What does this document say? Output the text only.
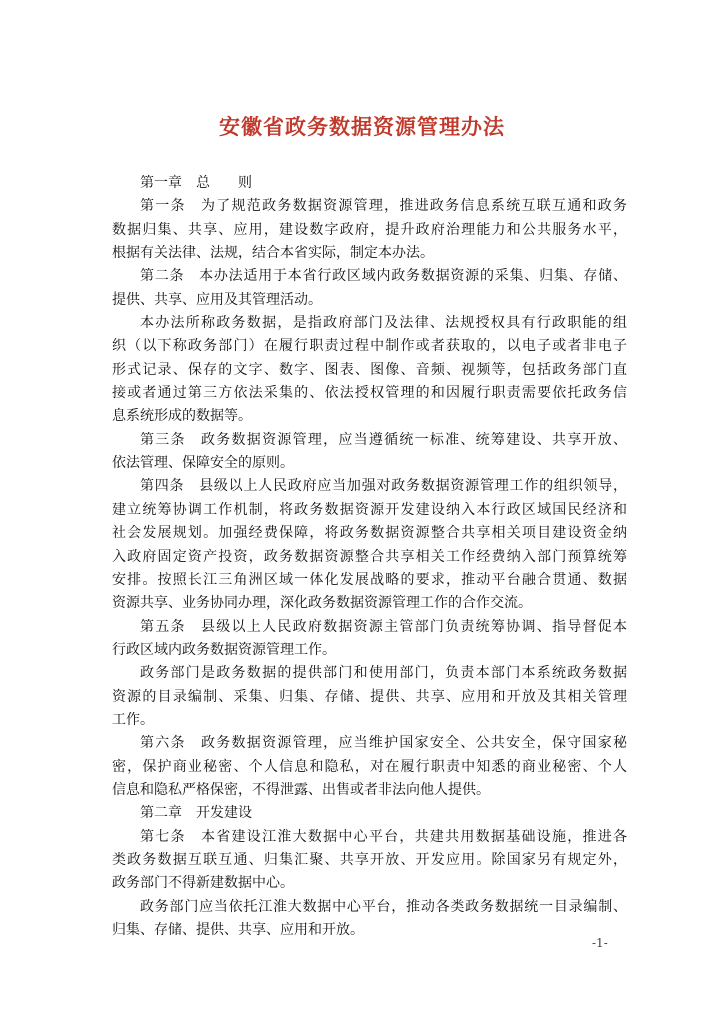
安徽省政务数据资源管理办法
第一章　总　　则
第一条　为了规范政务数据资源管理，推进政务信息系统互联互通和政务
数据归集、共享、应用，建设数字政府，提升政府治理能力和公共服务水平，
根据有关法律、法规，结合本省实际，制定本办法。
第二条　本办法适用于本省行政区域内政务数据资源的采集、归集、存储、
提供、共享、应用及其管理活动。
本办法所称政务数据，是指政府部门及法律、法规授权具有行政职能的组
织（以下称政务部门）在履行职责过程中制作或者获取的，以电子或者非电子
形式记录、保存的文字、数字、图表、图像、音频、视频等，包括政务部门直
接或者通过第三方依法采集的、依法授权管理的和因履行职责需要依托政务信
息系统形成的数据等。
第三条　政务数据资源管理，应当遵循统一标准、统筹建设、共享开放、
依法管理、保障安全的原则。
第四条　县级以上人民政府应当加强对政务数据资源管理工作的组织领导，
建立统筹协调工作机制，将政务数据资源开发建设纳入本行政区域国民经济和
社会发展规划。加强经费保障，将政务数据资源整合共享相关项目建设资金纳
入政府固定资产投资，政务数据资源整合共享相关工作经费纳入部门预算统筹
安排。按照长江三角洲区域一体化发展战略的要求，推动平台融合贯通、数据
资源共享、业务协同办理，深化政务数据资源管理工作的合作交流。
第五条　县级以上人民政府数据资源主管部门负责统筹协调、指导督促本
行政区域内政务数据资源管理工作。
政务部门是政务数据的提供部门和使用部门，负责本部门本系统政务数据
资源的目录编制、采集、归集、存储、提供、共享、应用和开放及其相关管理
工作。
第六条　政务数据资源管理，应当维护国家安全、公共安全，保守国家秘
密，保护商业秘密、个人信息和隐私，对在履行职责中知悉的商业秘密、个人
信息和隐私严格保密，不得泄露、出售或者非法向他人提供。
第二章　开发建设
第七条　本省建设江淮大数据中心平台，共建共用数据基础设施，推进各
类政务数据互联互通、归集汇聚、共享开放、开发应用。除国家另有规定外，
政务部门不得新建数据中心。
政务部门应当依托江淮大数据中心平台，推动各类政务数据统一目录编制、
归集、存储、提供、共享、应用和开放。
-1-
